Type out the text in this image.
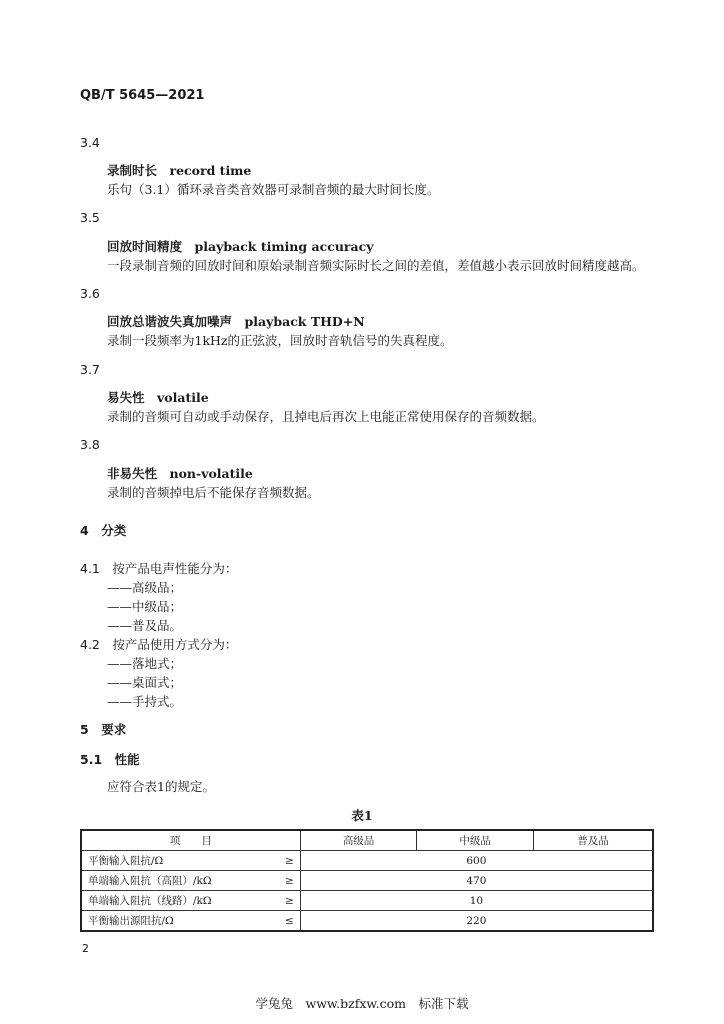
QB/T 5645—2021
3.4
录制时长　record time
乐句（3.1）循环录音类音效器可录制音频的最大时间长度。
3.5
回放时间精度　playback timing accuracy
一段录制音频的回放时间和原始录制音频实际时长之间的差值，差值越小表示回放时间精度越高。
3.6
回放总谐波失真加噪声　playback THD+N
录制一段频率为1kHz的正弦波，回放时音轨信号的失真程度。
3.7
易失性　volatile
录制的音频可自动或手动保存，且掉电后再次上电能正常使用保存的音频数据。
3.8
非易失性　non-volatile
录制的音频掉电后不能保存音频数据。
4　分类
4.1　按产品电声性能分为：
——高级品；
——中级品；
——普及品。
4.2　按产品使用方式分为：
——落地式；
——桌面式；
——手持式。
5　要求
5.1　性能
应符合表1的规定。
表1
项　　目	高级品	中级品	普及品

平衡输入阻抗/Ω ≥	600		

单端输入阻抗（高阻）/kΩ ≥	470		

单端输入阻抗（线路）/kΩ ≥	10		

平衡输出源阻抗/Ω ≤	220		
2
学兔兔　www.bzfxw.com　标准下载
